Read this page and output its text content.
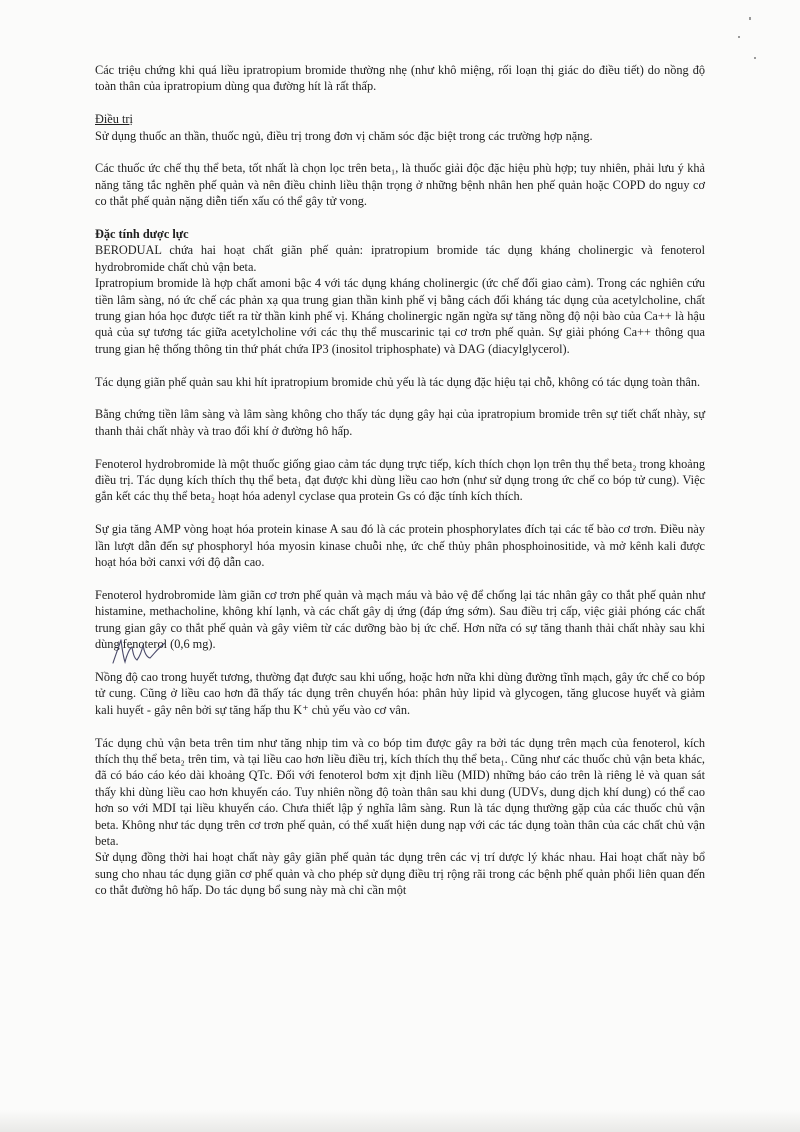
Các triệu chứng khi quá liều ipratropium bromide thường nhẹ (như khô miệng, rối loạn thị giác do điều tiết) do nồng độ toàn thân của ipratropium dùng qua đường hít là rất thấp.

Điều trị

Sử dụng thuốc an thần, thuốc ngủ, điều trị trong đơn vị chăm sóc đặc biệt trong các trường hợp nặng.

Các thuốc ức chế thụ thể beta, tốt nhất là chọn lọc trên beta₁, là thuốc giải độc đặc hiệu phù hợp; tuy nhiên, phải lưu ý khả năng tăng tắc nghẽn phế quản và nên điều chỉnh liều thận trọng ở những bệnh nhân hen phế quản hoặc COPD do nguy cơ co thắt phế quản nặng diễn tiến xấu có thể gây tử vong.

Đặc tính dược lực

BERODUAL chứa hai hoạt chất giãn phế quản: ipratropium bromide tác dụng kháng cholinergic và fenoterol hydrobromide chất chủ vận beta.

Ipratropium bromide là hợp chất amoni bậc 4 với tác dụng kháng cholinergic (ức chế đối giao cảm). Trong các nghiên cứu tiền lâm sàng, nó ức chế các phản xạ qua trung gian thần kinh phế vị bằng cách đối kháng tác dụng của acetylcholine, chất trung gian hóa học được tiết ra từ thần kinh phế vị. Kháng cholinergic ngăn ngừa sự tăng nồng độ nội bào của Ca++ là hậu quả của sự tương tác giữa acetylcholine với các thụ thể muscarinic tại cơ trơn phế quản. Sự giải phóng Ca++ thông qua trung gian hệ thống thông tin thứ phát chứa IP3 (inositol triphosphate) và DAG (diacylglycerol).

Tác dụng giãn phế quản sau khi hít ipratropium bromide chủ yếu là tác dụng đặc hiệu tại chỗ, không có tác dụng toàn thân.

Bằng chứng tiền lâm sàng và lâm sàng không cho thấy tác dụng gây hại của ipratropium bromide trên sự tiết chất nhày, sự thanh thải chất nhày và trao đổi khí ở đường hô hấp.

Fenoterol hydrobromide là một thuốc giống giao cảm tác dụng trực tiếp, kích thích chọn lọn trên thụ thể beta₂ trong khoảng điều trị. Tác dụng kích thích thụ thể beta₁ đạt được khi dùng liều cao hơn (như sử dụng trong ức chế co bóp tử cung). Việc gắn kết các thụ thể beta₂ hoạt hóa adenyl cyclase qua protein Gs có đặc tính kích thích.

Sự gia tăng AMP vòng hoạt hóa protein kinase A sau đó là các protein phosphorylates đích tại các tế bào cơ trơn. Điều này lần lượt dẫn đến sự phosphoryl hóa myosin kinase chuỗi nhẹ, ức chế thủy phân phosphoinositide, và mở kênh kali được hoạt hóa bởi canxi với độ dẫn cao.

Fenoterol hydrobromide làm giãn cơ trơn phế quản và mạch máu và bảo vệ để chống lại tác nhân gây co thắt phế quản như histamine, methacholine, không khí lạnh, và các chất gây dị ứng (đáp ứng sớm). Sau điều trị cấp, việc giải phóng các chất trung gian gây co thắt phế quản và gây viêm từ các dưỡng bào bị ức chế. Hơn nữa có sự tăng thanh thải chất nhày sau khi dùng fenoterol (0,6 mg).

Nồng độ cao trong huyết tương, thường đạt được sau khi uống, hoặc hơn nữa khi dùng đường tĩnh mạch, gây ức chế co bóp tử cung. Cũng ở liều cao hơn đã thấy tác dụng trên chuyển hóa: phân hủy lipid và glycogen, tăng glucose huyết và giảm kali huyết - gây nên bởi sự tăng hấp thu K⁺ chủ yếu vào cơ vân.

Tác dụng chủ vận beta trên tim như tăng nhịp tim và co bóp tim được gây ra bởi tác dụng trên mạch của fenoterol, kích thích thụ thể beta₂ trên tim, và tại liều cao hơn liều điều trị, kích thích thụ thể beta₁. Cũng như các thuốc chủ vận beta khác, đã có báo cáo kéo dài khoảng QTc. Đối với fenoterol bơm xịt định liều (MID) những báo cáo trên là riêng lẻ và quan sát thấy khi dùng liều cao hơn khuyến cáo. Tuy nhiên nồng độ toàn thân sau khi dung (UDVs, dung dịch khí dung) có thể cao hơn so với MDI tại liều khuyến cáo. Chưa thiết lập ý nghĩa lâm sàng. Run là tác dụng thường gặp của các thuốc chủ vận beta. Không như tác dụng trên cơ trơn phế quản, có thể xuất hiện dung nạp với các tác dụng toàn thân của các chất chủ vận beta.

Sử dụng đồng thời hai hoạt chất này gây giãn phế quản tác dụng trên các vị trí dược lý khác nhau. Hai hoạt chất này bổ sung cho nhau tác dụng giãn cơ phế quản và cho phép sử dụng điều trị rộng rãi trong các bệnh phế quản phổi liên quan đến co thắt đường hô hấp. Do tác dụng bổ sung này mà chỉ cần một
